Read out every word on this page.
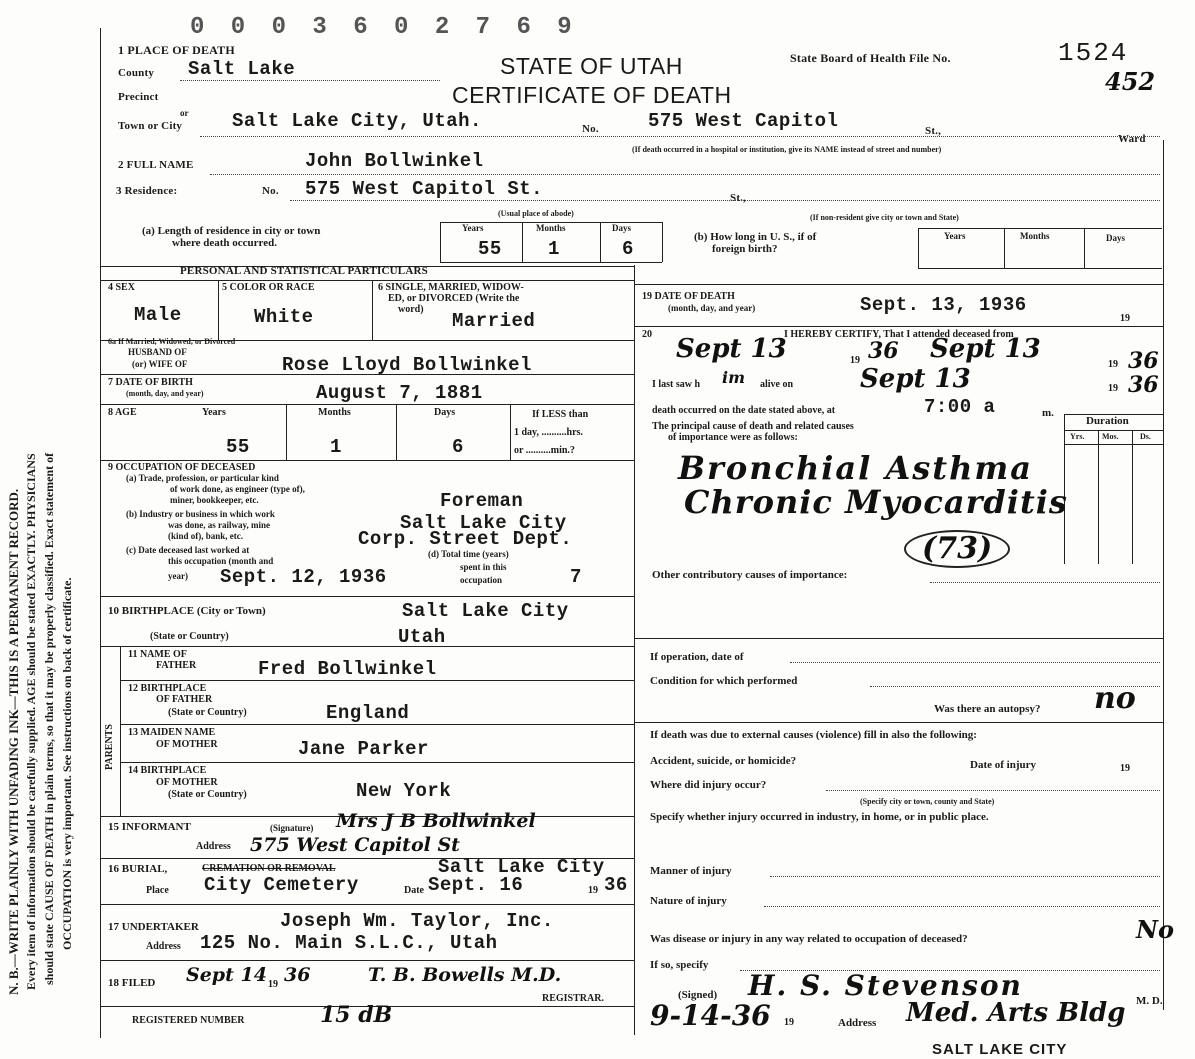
N. B.—WRITE PLAINLY WITH UNFADING INK—THIS IS A PERMANENT RECORD. Every item of information should be carefully supplied. AGE should be stated EXACTLY. PHYSICIANS should state CAUSE OF DEATH in plain terms, so that it may be properly classified. Exact statement of OCCUPATION is very important. See instructions on back of certificate.
0 0 0 3 6 0 2 7 6 9
1 PLACE OF DEATH
STATE OF UTAH
CERTIFICATE OF DEATH
State Board of Health File No.	1524
452
County Salt Lake
Precinct
or
Town or City	Salt Lake City, Utah.	No.	575 West Capitol	St.,
Ward
(If death occurred in a hospital or institution, give its NAME instead of street and number)
2 FULL NAME	John Bollwinkel
3 Residence:	No. 575 West Capitol St.	St.,
(Usual place of abode)	(If non-resident give city or town and State)
(a) Length of residence in city or town
where death occurred.
Years	Months	Days
55 1	6
(b) How long in U. S., if of
foreign birth?
Years	Months	Days
PERSONAL AND STATISTICAL PARTICULARS
4 SEX
Male
5 COLOR OR RACE
White
6 SINGLE, MARRIED, WIDOW-
ED, or DIVORCED (Write the
word)
Married
6a If Married, Widowed, or Divorced
HUSBAND OF
(or) WIFE OF	Rose Lloyd Bollwinkel
7 DATE OF BIRTH
(month, day, and year)	August 7, 1881
8 AGE	Years	Months	Days
55	1	6
If LESS than
1 day, ..........hrs.
or ..........min.?
9 OCCUPATION OF DECEASED
(a) Trade, profession, or particular kind
of work done, as engineer (type of),
miner, bookkeeper, etc.	Foreman
(b) Industry or business in which work
was done, as railway, mine
(kind of), bank, etc.
Salt Lake City
Corp. Street Dept.
(c) Date deceased last worked at
this occupation (month and
year) Sept. 12, 1936
(d) Total time (years)
spent in this
occupation	7
10 BIRTHPLACE (City or Town)	Salt Lake City
(State or Country)	Utah
PARENTS
11 NAME OF
FATHER	Fred Bollwinkel
12 BIRTHPLACE
OF FATHER
(State or Country)	England
13 MAIDEN NAME
OF MOTHER	Jane Parker
14 BIRTHPLACE
OF MOTHER
(State or Country)	New York
15 INFORMANT	(Signature) Mrs J B Bollwinkel
Address 575 West Capitol St
16 BURIAL,	CREMATION OR REMOVAL	Salt Lake City
Place City Cemetery	Date Sept. 16	19 36
17 UNDERTAKER	Joseph Wm. Taylor, Inc.
Address 125 No. Main S.L.C., Utah
18 FILED Sept 14 19 36	T. B. Bowells M.D.
REGISTRAR.
REGISTERED NUMBER	15 dB
19 DATE OF DEATH
(month, day, and year)	Sept. 13, 1936
19
20	I HEREBY CERTIFY, That I attended deceased from
Sept 13	19 36 Sept 13
19 36
I last saw h im alive on	Sept 13	19 36
death occurred on the date stated above, at	7:00 a	m.
The principal cause of death and related causes
of importance were as follows:
Duration
Yrs. Mos.	Ds.
Bronchial Asthma
Chronic Myocarditis
(73)
Other contributory causes of importance:
If operation, date of
Condition for which performed
Was there an autopsy? no
If death was due to external causes (violence) fill in also the following:
Accident, suicide, or homicide?	Date of injury	19
Where did injury occur?
(Specify city or town, county and State)
Specify whether injury occurred in industry, in home, or in public place.
Manner of injury
Nature of injury
Was disease or injury in any way related to occupation of deceased?	No
If so, specify
(Signed) H. S. Stevenson	M. D.
9-14-36 19	Address Med. Arts Bldg
SALT LAKE CITY
